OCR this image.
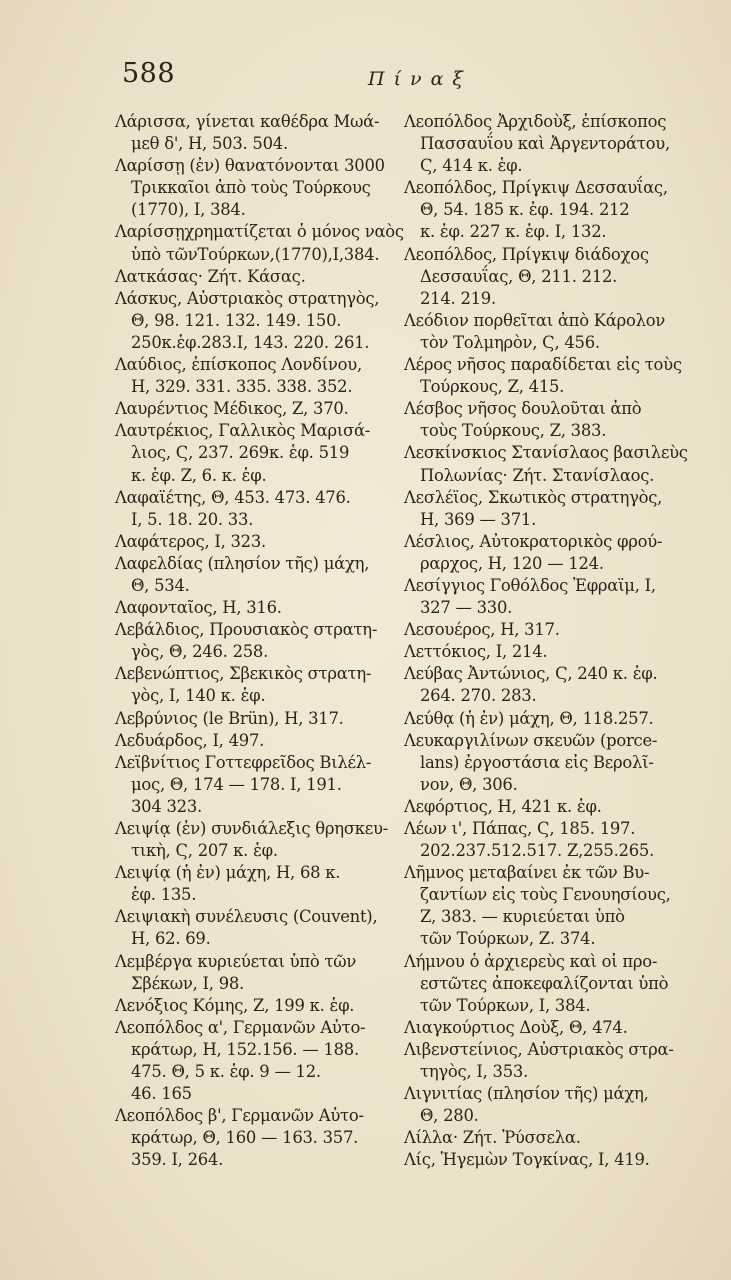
588	Πίναξ
Λάρισσα, γίνεται καθέδρα Μωά-
μεθ δ', Η, 503. 504.
Λαρίσσῃ (ἐν) θανατόνονται 3000
Τρικκαῖοι ἀπὸ τοὺς Τούρκους
(1770), Ι, 384.
Λαρίσσῃχρηματίζεται ὁ μόνος ναὸς
ὑπὸ τῶνΤούρκων,(1770),Ι,384.
Λατκάσας· Ζήτ. Κάσας.
Λάσκυς, Αὐστριακὸς στρατηγὸς,
Θ, 98. 121. 132. 149. 150.
250κ.ἑφ.283.Ι, 143. 220. 261.
Λαύδιος, ἐπίσκοπος Λονδίνου,
Η, 329. 331. 335. 338. 352.
Λαυρέντιος Μέδικος, Ζ, 370.
Λαυτρέκιος, Γαλλικὸς Μαρισά-
λιος, Ϛ, 237. 269κ. ἑφ. 519
κ. ἑφ. Ζ, 6. κ. ἑφ.
Λαφαϊέτης, Θ, 453. 473. 476.
Ι, 5. 18. 20. 33.
Λαφάτερος, Ι, 323.
Λαφελδίας (πλησίον τῆς) μάχη,
Θ, 534.
Λαφονταῖος, Η, 316.
Λεβάλδιος, Προυσιακὸς στρατη-
γὸς, Θ, 246. 258.
Λεβενώπτιος, Σβεκικὸς στρατη-
γὸς, Ι, 140 κ. ἑφ.
Λεβρύνιος (le Brün), Η, 317.
Λεδυάρδος, Ι, 497.
Λεϊβνίτιος Γοττεφρεῖδος Βιλέλ-
μος, Θ, 174 — 178. Ι, 191.
304 323.
Λειψίᾳ (ἐν) συνδιάλεξις θρησκευ-
τικὴ, Ϛ, 207 κ. ἑφ.
Λειψίᾳ (ἡ ἐν) μάχη, Η, 68 κ.
ἑφ. 135.
Λειψιακὴ συνέλευσις (Couvent),
Η, 62. 69.
Λεμβέργα κυριεύεται ὑπὸ τῶν
Σβέκων, Ι, 98.
Λενόξιος Κόμης, Ζ, 199 κ. ἑφ.
Λεοπόλδος α', Γερμανῶν Αὐτο-
κράτωρ, Η, 152.156. — 188.
475. Θ, 5 κ. ἑφ. 9 — 12.
46. 165
Λεοπόλδος β', Γερμανῶν Αὐτο-
κράτωρ, Θ, 160 — 163. 357.
359. Ι, 264.
Λεοπόλδος Ἀρχιδοὺξ, ἐπίσκοπος
Πασσαυΐου καὶ Ἀργεντοράτου,
Ϛ, 414 κ. ἑφ.
Λεοπόλδος, Πρίγκιψ Δεσσαυΐας,
Θ, 54. 185 κ. ἑφ. 194. 212
κ. ἑφ. 227 κ. ἑφ. Ι, 132.
Λεοπόλδος, Πρίγκιψ διάδοχος
Δεσσαυΐας, Θ, 211. 212.
214. 219.
Λεόδιον πορθεῖται ἀπὸ Κάρολον
τὸν Τολμηρὸν, Ϛ, 456.
Λέρος νῆσος παραδίδεται εἰς τοὺς
Τούρκους, Ζ, 415.
Λέσβος νῆσος δουλοῦται ἀπὸ
τοὺς Τούρκους, Ζ, 383.
Λεσκίνσκιος Στανίσλαος βασιλεὺς
Πολωνίας· Ζήτ. Στανίσλαος.
Λεσλέϊος, Σκωτικὸς στρατηγὸς,
Η, 369 — 371.
Λέσλιος, Αὐτοκρατορικὸς φρού-
ραρχος, Η, 120 — 124.
Λεσίγγιος Γοθόλδος Ἐφραϊμ, Ι,
327 — 330.
Λεσουέρος, Η, 317.
Λεττόκιος, Ι, 214.
Λεύβας Ἀντώνιος, Ϛ, 240 κ. ἑφ.
264. 270. 283.
Λεύθᾳ (ἡ ἐν) μάχη, Θ, 118.257.
Λευκαργιλίνων σκευῶν (porce-
lans) ἐργοστάσια εἰς Βερολῖ-
νον, Θ, 306.
Λεφόρτιος, Η, 421 κ. ἑφ.
Λέων ι', Πάπας, Ϛ, 185. 197.
202.237.512.517. Ζ,255.265.
Λῆμνος μεταβαίνει ἐκ τῶν Βυ-
ζαντίων εἰς τοὺς Γενουησίους,
Ζ, 383. — κυριεύεται ὑπὸ
τῶν Τούρκων, Ζ. 374.
Λήμνου ὁ ἀρχιερεὺς καὶ οἱ προ-
εστῶτες ἀποκεφαλίζονται ὑπὸ
τῶν Τούρκων, Ι, 384.
Λιαγκούρτιος Δοὺξ, Θ, 474.
Λιβενστείνιος, Αὐστριακὸς στρα-
τηγὸς, Ι, 353.
Λιγνιτίας (πλησίον τῆς) μάχη,
Θ, 280.
Λίλλα· Ζήτ. Ῥύσσελα.
Λίς, Ἡγεμὼν Τογκίνας, Ι, 419.
